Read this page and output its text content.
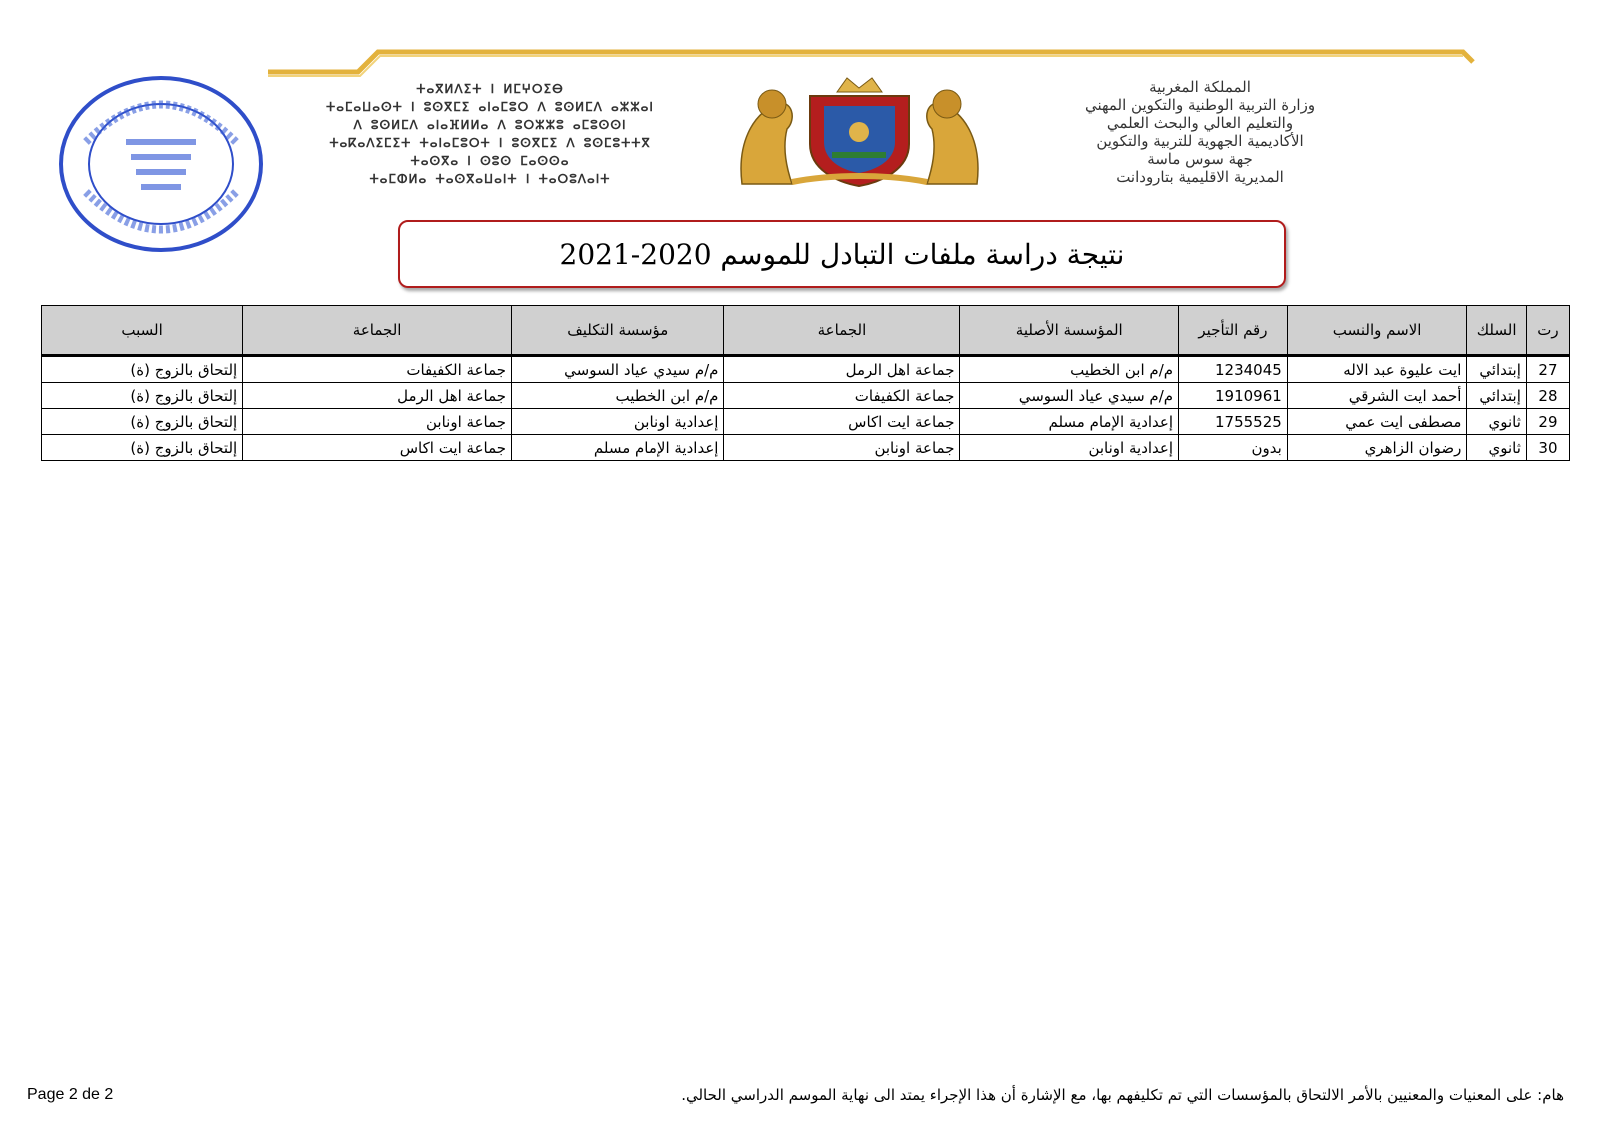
المملكة المغربية
وزارة التربية الوطنية والتكوين المهني
والتعليم العالي والبحث العلمي
الأكاديمية الجهوية للتربية والتكوين
جهة سوس ماسة
المديرية الاقليمية بتارودانت
ⵜⴰⴳⵍⴷⵉⵜ ⵏ ⵍⵎⵖⵔⵉⴱ
ⵜⴰⵎⴰⵡⴰⵙⵜ ⵏ ⵓⵙⴳⵎⵉ ⴰⵏⴰⵎⵓⵔ ⴷ ⵓⵙⵍⵎⴷ ⴰⵣⵣⴰⵏ
ⴷ ⵓⵙⵍⵎⴷ ⴰⵏⴰⴼⵍⵍⴰ ⴷ ⵓⵔⵣⵣⵓ ⴰⵎⵓⵙⵙⵏ
ⵜⴰⴽⴰⴷⵉⵎⵉⵜ ⵜⴰⵏⴰⵎⵓⵔⵜ ⵏ ⵓⵙⴳⵎⵉ ⴷ ⵓⵙⵎⵓⵜⵜⴳ
ⵜⴰⵙⴳⴰ ⵏ ⵙⵓⵙ ⵎⴰⵙⵙⴰ
ⵜⴰⵎⵀⵍⴰ ⵜⴰⵙⴳⴰⵡⴰⵏⵜ ⵏ ⵜⴰⵔⵓⴷⴰⵏⵜ
نتيجة دراسة ملفات التبادل للموسم 2020-2021
رت	السلك	الاسم والنسب	رقم التأجير	المؤسسة الأصلية	الجماعة	مؤسسة التكليف	الجماعة	السبب
27	إبتدائي	ايت عليوة عبد الاله	1234045	م/م ابن الخطيب	جماعة اهل الرمل	م/م سيدي عياد السوسي	جماعة الكفيفات	إلتحاق بالزوج (ة)
28	إبتدائي	أحمد ايت الشرقي	1910961	م/م سيدي عياد السوسي	جماعة الكفيفات	م/م ابن الخطيب	جماعة اهل الرمل	إلتحاق بالزوج (ة)
29	ثانوي	مصطفى ايت عمي	1755525	إعدادية الإمام مسلم	جماعة ايت اكاس	إعدادية اونابن	جماعة اونابن	إلتحاق بالزوج (ة)
30	ثانوي	رضوان الزاهري	بدون	إعدادية اونابن	جماعة اونابن	إعدادية الإمام مسلم	جماعة ايت اكاس	إلتحاق بالزوج (ة)
هام: على المعنيات والمعنيين بالأمر الالتحاق بالمؤسسات التي تم تكليفهم بها، مع الإشارة أن هذا الإجراء يمتد الى نهاية الموسم الدراسي الحالي.
Page 2 de 2
